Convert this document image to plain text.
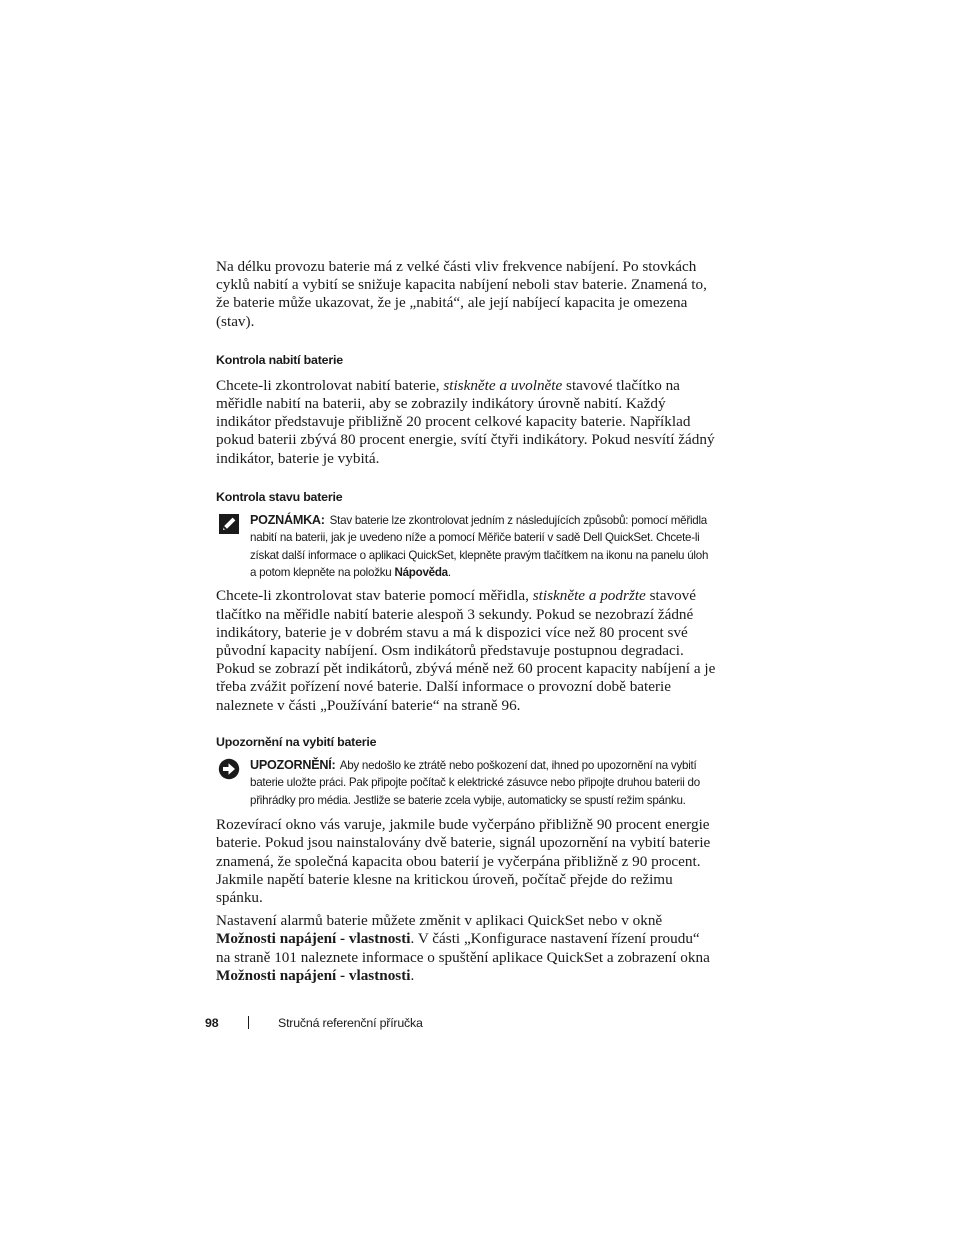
Na délku provozu baterie má z velké části vliv frekvence nabíjení. Po stovkách cyklů nabití a vybití se snižuje kapacita nabíjení neboli stav baterie. Znamená to, že baterie může ukazovat, že je „nabitá“, ale její nabíjecí kapacita je omezena (stav).

Kontrola nabití baterie

Chcete-li zkontrolovat nabití baterie, stiskněte a uvolněte stavové tlačítko na měřidle nabití na baterii, aby se zobrazily indikátory úrovně nabití. Každý indikátor představuje přibližně 20 procent celkové kapacity baterie. Například pokud baterii zbývá 80 procent energie, svítí čtyři indikátory. Pokud nesvítí žádný indikátor, baterie je vybitá.

Kontrola stavu baterie
POZNÁMKA: Stav baterie lze zkontrolovat jedním z následujících způsobů: pomocí měřidla nabití na baterii, jak je uvedeno níže a pomocí Měřiče baterií v sadě Dell QuickSet. Chcete-li získat další informace o aplikaci QuickSet, klepněte pravým tlačítkem na ikonu na panelu úloh a potom klepněte na položku Nápověda.

Chcete-li zkontrolovat stav baterie pomocí měřidla, stiskněte a podržte stavové tlačítko na měřidle nabití baterie alespoň 3 sekundy. Pokud se nezobrazí žádné indikátory, baterie je v dobrém stavu a má k dispozici více než 80 procent své původní kapacity nabíjení. Osm indikátorů představuje postupnou degradaci. Pokud se zobrazí pět indikátorů, zbývá méně než 60 procent kapacity nabíjení a je třeba zvážit pořízení nové baterie. Další informace o provozní době baterie naleznete v části „Používání baterie“ na straně 96.

Upozornění na vybití baterie
UPOZORNĚNÍ: Aby nedošlo ke ztrátě nebo poškození dat, ihned po upozornění na vybití baterie uložte práci. Pak připojte počítač k elektrické zásuvce nebo připojte druhou baterii do přihrádky pro média. Jestliže se baterie zcela vybije, automaticky se spustí režim spánku.

Rozevírací okno vás varuje, jakmile bude vyčerpáno přibližně 90 procent energie baterie. Pokud jsou nainstalovány dvě baterie, signál upozornění na vybití baterie znamená, že společná kapacita obou baterií je vyčerpána přibližně z 90 procent. Jakmile napětí baterie klesne na kritickou úroveň, počítač přejde do režimu spánku.

Nastavení alarmů baterie můžete změnit v aplikaci QuickSet nebo v okně Možnosti napájení - vlastnosti. V části „Konfigurace nastavení řízení proudu“ na straně 101 naleznete informace o spuštění aplikace QuickSet a zobrazení okna Možnosti napájení - vlastnosti.

98	Stručná referenční příručka
